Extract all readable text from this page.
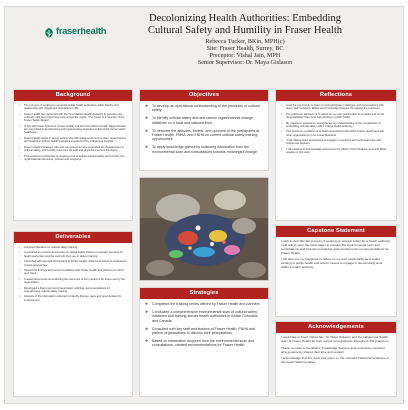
fraserhealth
Decolonizing Health Authorities: Embedding
Cultural Safety and Humility in Fraser Health
Rebecca Tucker, BKin, MPH(c)
Site: Fraser Health, Surrey, BC
Preceptor: Vishal Jain, MPH
Senior Supervisor: Dr. Maya Gislason
Background
• The process of working to recognize settler health authorities within identity and relationship with Indigenous populations in BC
• Fraser Health has partnered with the First Nations Health Authority to provide more culturally safe and responsive care across the region. The Fraser is a member of the Fraser Salish Region
• In line with these directions, Fraser Health and the First Nations Health Regional team are committed to decolonizing and implementing strategies to dismantle racism within healthcare
• Fraser Health works in strong partnership with Indigenous communities, organizations and leaders to reduce health inequities experienced by Indigenous peoples
• Fraser Health's strategic plan and commitments have supported the development of cultural safety and humility resources for staff and physicians across the region
• This practicum contributes to ongoing work to embed cultural safety and humility into organizational structures, policies and programs
Deliverables
• Compiled literature on cultural safety training
• Completed an environmental scan of cultural safety training in Canada, focusing on health authorities and the methods they use to deliver training
• Consulted with key staff and leaders at Fraser Health, FNHA and others to understand current approaches
• Shared the findings and recommendations with Fraser Health and partners to inform next steps
• Created documents summarizing the outcomes of the practicum for future use by the organization
• Developed a final report and presentation outlining recommendations for strengthening cultural safety training
• Analysis of the information collected to identify themes, gaps and opportunities for improvement
Objectives
❖ To develop an operational understanding of the principles of cultural safety
❖ To identify cultural safety and anti-racism organizational change initiatives on a local and national level
❖ To describe the attitudes, beliefs, and opinions of the participants at Fraser Health, FNHA, and FNHA on current cultural safety training opportunities
❖ To apply knowledge gained by collecting information from the environmental scan and consultations towards meaningful change
Strategies
❖ Completed the training series offered by Fraser Health and partners
❖ Conducted a comprehensive environmental scan of cultural safety initiatives and training across health authorities in British Columbia and Canada
❖ Consulted with key staff and leaders at Fraser Health, FNHA and partner organizations to discuss their perspectives
❖ Based on information acquired from the environmental scan and consultations, created recommendations for Fraser Health
Reflections
• I had the opportunity to listen to and participate in dialogue and conversations with many staff members, Elders and Knowledge Keepers throughout the practicum
• The practicum allowed me to reflect on my own positionality as a settler and on the responsibilities that come with working in public health
• My practicum experience strengthened my understanding of the complexities of embedding cultural safety within a large health authority
• This practicum enabled me to build connections both within Fraser Health and with other organizations in the Lower Mainland
• I built relationships and learned to engage in respectful and reciprocal ways with Indigenous partners
• I will continue to acknowledge and honour the efforts of First Nations, Inuit and Métis peoples in this work
Capstone Statement

I wish to describe the process of working on cultural safety for a health authority. I will reflect upon the steps taken to prepare the environmental scan and consultations and how the knowledge gained informs the recommendations for Fraser Health.

I will also use my Capstone to reflect on my own positionality as a settler working in public health and what it means to engage in decolonizing work within a health authority.

Acknowledgements

I would like to thank Vishal Jain, Dr. Maya Gislason and the Indigenous Health team at Fraser Health for their support and guidance throughout this practicum.

Thank you also to the Elders, Knowledge Keepers and community members who generously shared their time and wisdom.

I acknowledge that this work took place on the unceded traditional territories of the Coast Salish peoples.
